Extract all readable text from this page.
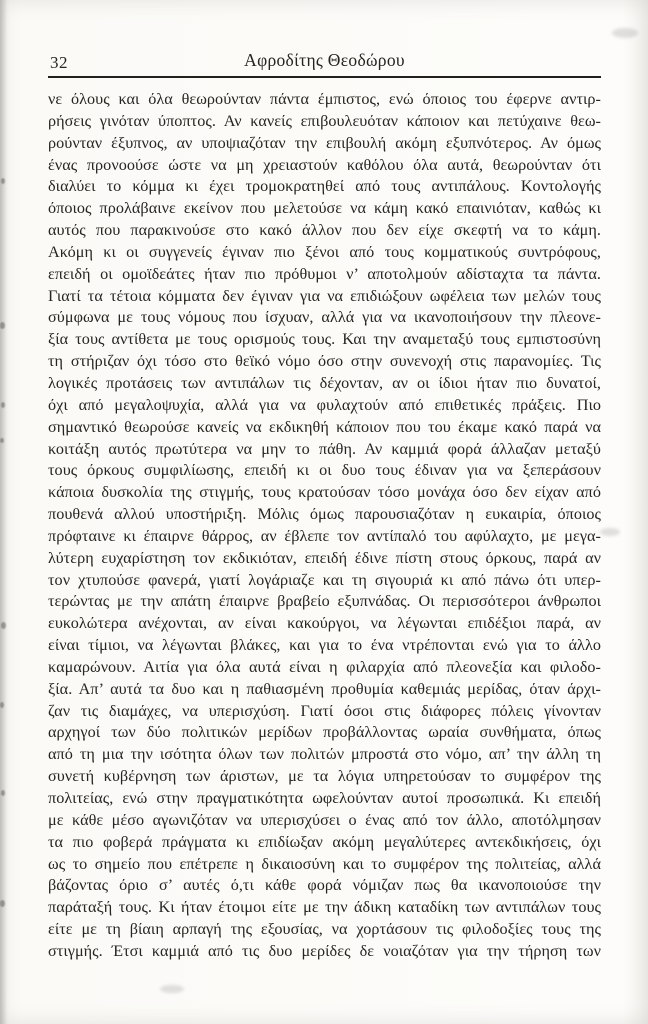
32	Αφροδίτης Θεοδώρου
νε όλους και όλα θεωρούνταν πάντα έμπιστος, ενώ όποιος του έφερνε αντιρ-
ρήσεις γινόταν ύποπτος. Αν κανείς επιβουλευόταν κάποιον και πετύχαινε θεω-
ρούνταν έξυπνος, αν υποψιαζόταν την επιβουλή ακόμη εξυπνότερος. Αν όμως
ένας προνοούσε ώστε να μη χρειαστούν καθόλου όλα αυτά, θεωρούνταν ότι
διαλύει το κόμμα κι έχει τρομοκρατηθεί από τους αντιπάλους. Κοντολογής
όποιος προλάβαινε εκείνον που μελετούσε να κάμη κακό επαινιόταν, καθώς κι
αυτός που παρακινούσε στο κακό άλλον που δεν είχε σκεφτή να το κάμη.
Ακόμη κι οι συγγενείς έγιναν πιο ξένοι από τους κομματικούς συντρόφους,
επειδή οι ομοϊδεάτες ήταν πιο πρόθυμοι ν’ αποτολμούν αδίσταχτα τα πάντα.
Γιατί τα τέτοια κόμματα δεν έγιναν για να επιδιώξουν ωφέλεια των μελών τους
σύμφωνα με τους νόμους που ίσχυαν, αλλά για να ικανοποιήσουν την πλεονε-
ξία τους αντίθετα με τους ορισμούς τους. Και την αναμεταξύ τους εμπιστοσύνη
τη στήριζαν όχι τόσο στο θεϊκό νόμο όσο στην συνενοχή στις παρανομίες. Τις
λογικές προτάσεις των αντιπάλων τις δέχονταν, αν οι ίδιοι ήταν πιο δυνατοί,
όχι από μεγαλοψυχία, αλλά για να φυλαχτούν από επιθετικές πράξεις. Πιο
σημαντικό θεωρούσε κανείς να εκδικηθή κάποιον που του έκαμε κακό παρά να
κοιτάξη αυτός πρωτύτερα να μην το πάθη. Αν καμμιά φορά άλλαζαν μεταξύ
τους όρκους συμφιλίωσης, επειδή κι οι δυο τους έδιναν για να ξεπεράσουν
κάποια δυσκολία της στιγμής, τους κρατούσαν τόσο μονάχα όσο δεν είχαν από
πουθενά αλλού υποστήριξη. Μόλις όμως παρουσιαζόταν η ευκαιρία, όποιος
πρόφταινε κι έπαιρνε θάρρος, αν έβλεπε τον αντίπαλό του αφύλαχτο, με μεγα-
λύτερη ευχαρίστηση τον εκδικιόταν, επειδή έδινε πίστη στους όρκους, παρά αν
τον χτυπούσε φανερά, γιατί λογάριαζε και τη σιγουριά κι από πάνω ότι υπερ-
τερώντας με την απάτη έπαιρνε βραβείο εξυπνάδας. Οι περισσότεροι άνθρωποι
ευκολώτερα ανέχονται, αν είναι κακούργοι, να λέγωνται επιδέξιοι παρά, αν
είναι τίμιοι, να λέγωνται βλάκες, και για το ένα ντρέπονται ενώ για το άλλο
καμαρώνουν. Αιτία για όλα αυτά είναι η φιλαρχία από πλεονεξία και φιλοδο-
ξία. Απ’ αυτά τα δυο και η παθιασμένη προθυμία καθεμιάς μερίδας, όταν άρχι-
ζαν τις διαμάχες, να υπερισχύση. Γιατί όσοι στις διάφορες πόλεις γίνονταν
αρχηγοί των δύο πολιτικών μερίδων προβάλλοντας ωραία συνθήματα, όπως
από τη μια την ισότητα όλων των πολιτών μπροστά στο νόμο, απ’ την άλλη τη
συνετή κυβέρνηση των άριστων, με τα λόγια υπηρετούσαν το συμφέρον της
πολιτείας, ενώ στην πραγματικότητα ωφελούνταν αυτοί προσωπικά. Κι επειδή
με κάθε μέσο αγωνιζόταν να υπερισχύσει ο ένας από τον άλλο, αποτόλμησαν
τα πιο φοβερά πράγματα κι επιδίωξαν ακόμη μεγαλύτερες αντεκδικήσεις, όχι
ως το σημείο που επέτρεπε η δικαιοσύνη και το συμφέρον της πολιτείας, αλλά
βάζοντας όριο σ’ αυτές ό,τι κάθε φορά νόμιζαν πως θα ικανοποιούσε την
παράταξή τους. Κι ήταν έτοιμοι είτε με την άδικη καταδίκη των αντιπάλων τους
είτε με τη βίαιη αρπαγή της εξουσίας, να χορτάσουν τις φιλοδοξίες τους της
στιγμής. Έτσι καμμιά από τις δυο μερίδες δε νοιαζόταν για την τήρηση των
